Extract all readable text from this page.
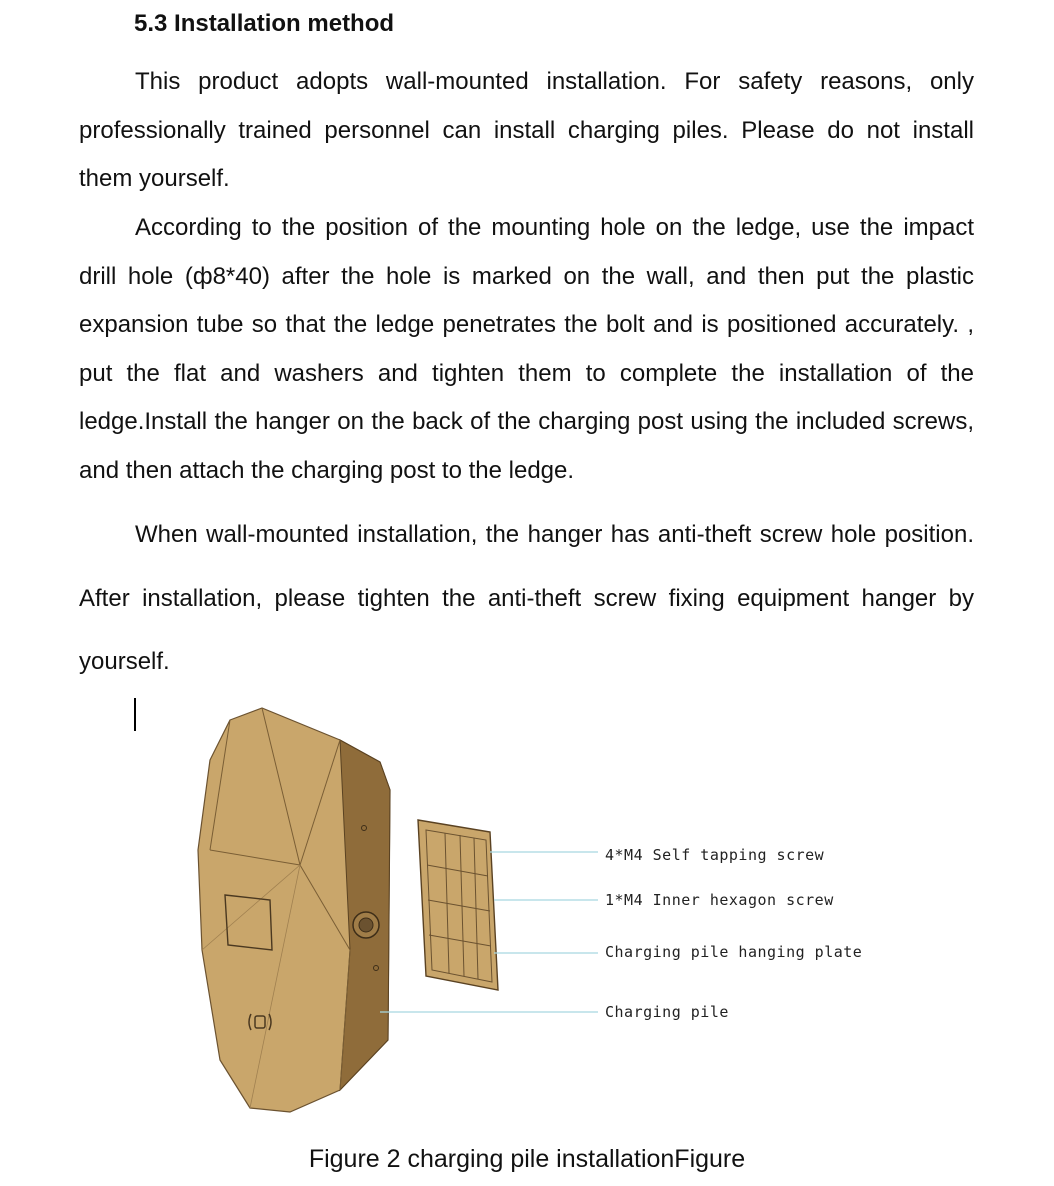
5.3 Installation method

This product adopts wall-mounted installation. For safety reasons, only professionally trained personnel can install charging piles. Please do not install them yourself.

According to the position of the mounting hole on the ledge, use the impact drill hole (ф8*40) after the hole is marked on the wall, and then put the plastic expansion tube so that the ledge penetrates the bolt and is positioned accurately. , put the flat and washers and tighten them to complete the installation of the ledge.Install the hanger on the back of the charging post using the included screws, and then attach the charging post to the ledge.

When wall-mounted installation, the hanger has anti-theft screw hole position. After installation, please tighten the anti-theft screw fixing equipment hanger by yourself.

4*M4 Self tapping screw
1*M4 Inner hexagon screw
Charging pile hanging plate
Charging pile
Figure 2 charging pile installationFigure
